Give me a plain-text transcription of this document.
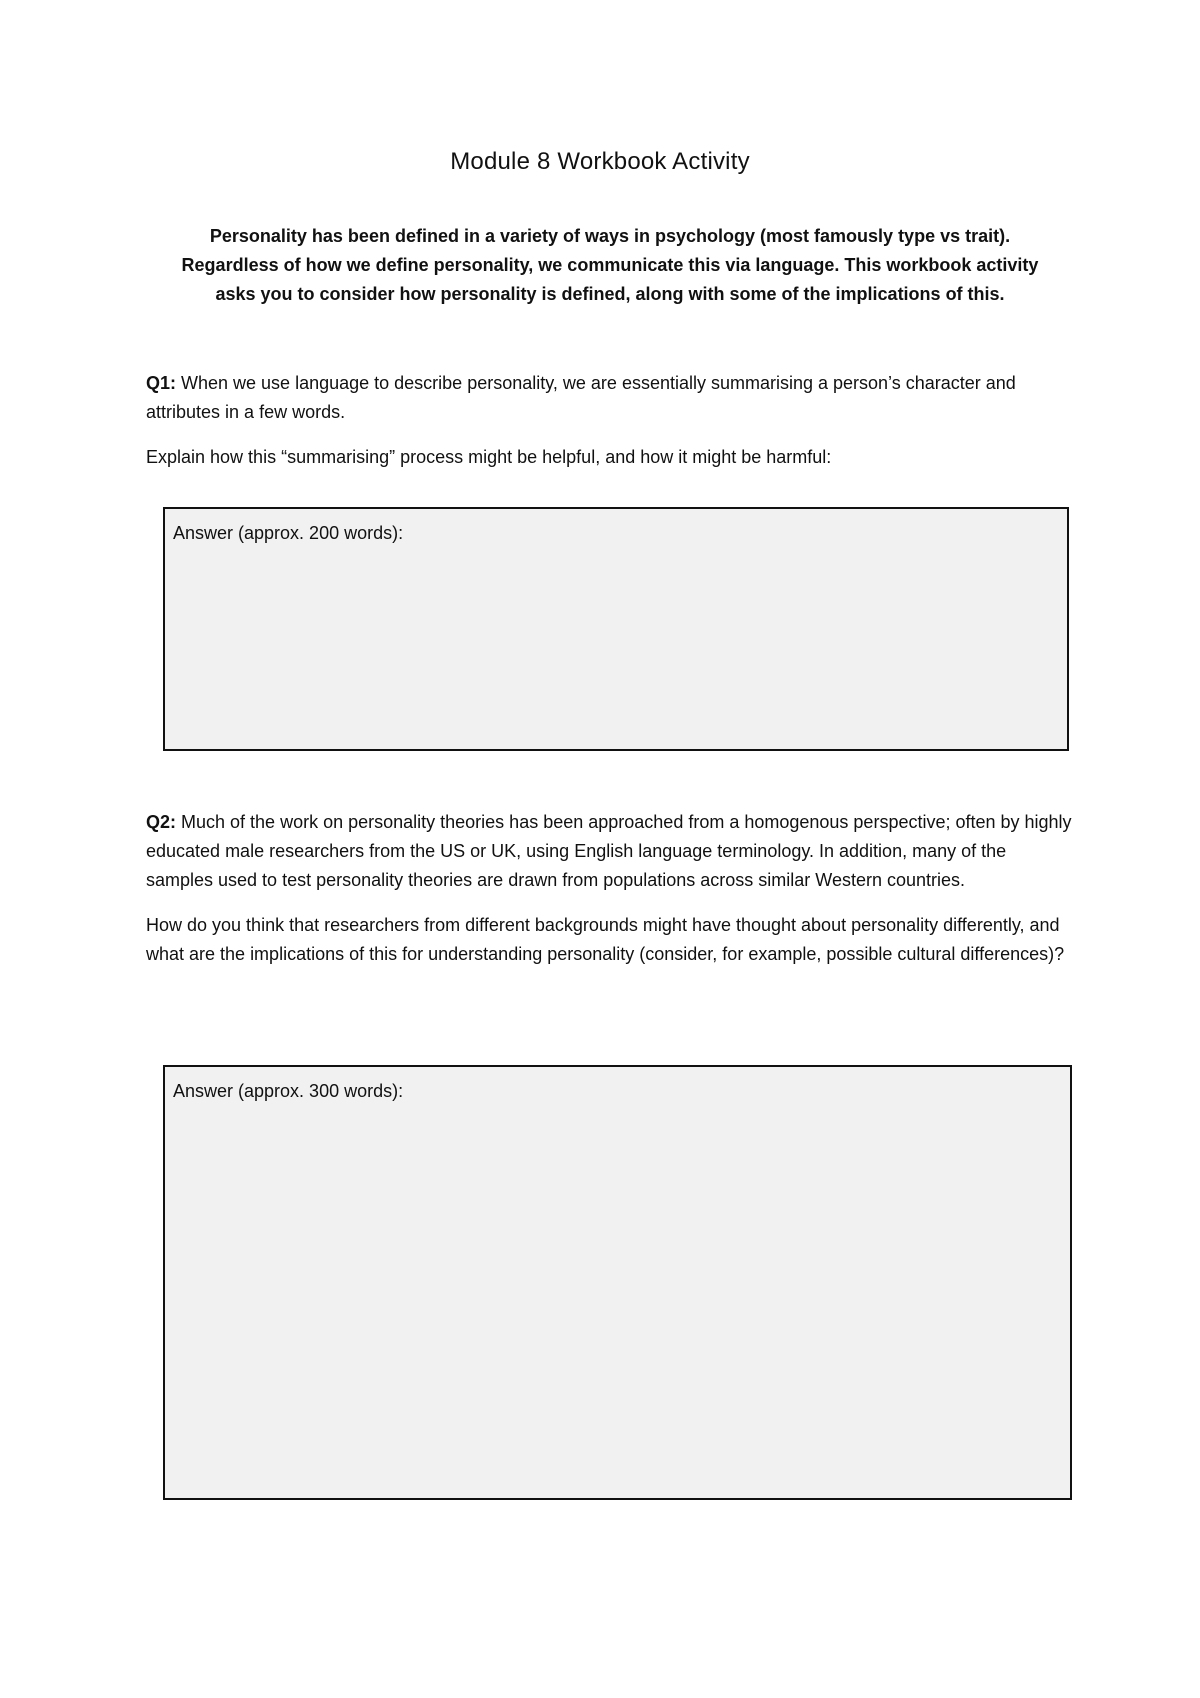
Module 8 Workbook Activity
Personality has been defined in a variety of ways in psychology (most famously type vs trait).
Regardless of how we define personality, we communicate this via language. This workbook activity
asks you to consider how personality is defined, along with some of the implications of this.

Q1: When we use language to describe personality, we are essentially summarising a person’s character and attributes in a few words.

Explain how this “summarising” process might be helpful, and how it might be harmful:

Answer (approx. 200 words):

Q2: Much of the work on personality theories has been approached from a homogenous perspective; often by highly educated male researchers from the US or UK, using English language terminology. In addition, many of the samples used to test personality theories are drawn from populations across similar Western countries.

How do you think that researchers from different backgrounds might have thought about personality differently, and what are the implications of this for understanding personality (consider, for example, possible cultural differences)?

Answer (approx. 300 words):
